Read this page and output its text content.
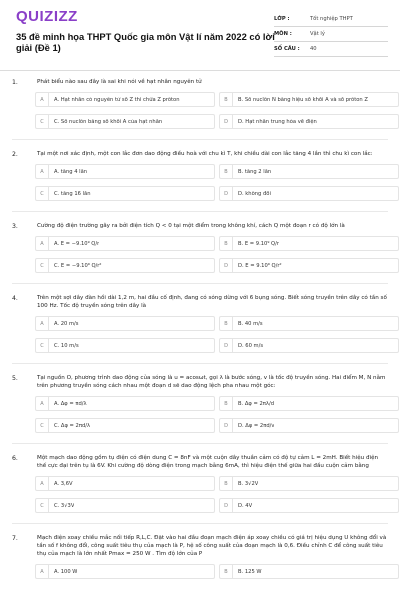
QUIZIZZ
35 đề minh họa THPT Quốc gia môn Vật lí năm 2022 có lời giải (Đề 1)
LỚP :	Tốt nghiệp THPT
MÔN :	Vật lý
SỐ CÂU :	40
1.	Phát biểu nào sau đây là sai khi nói về hạt nhân nguyên tử
A	A. Hạt nhân có nguyên tử số Z thì chứa Z prôton	B	B. Số nuclôn N bằng hiệu số khối A và số prôton Z
C	C. Số nuclôn bằng số khối A của hạt nhân	D	D. Hạt nhân trung hòa về điện
2.	Tại một nơi xác định, một con lắc đơn dao động điều hoà với chu kì T, khi chiều dài con lắc tăng 4 lần thì chu kì con lắc:
A	A. tăng 4 lần	B	B. tăng 2 lần
C	C. tăng 16 lần	D	D. không đổi
3.	Cường độ điện trường gây ra bởi điện tích Q < 0 tại một điểm trong không khí, cách Q một đoạn r có độ lớn là
A	A. E = −9.10⁹ Q/r	B	B. E = 9.10⁹ Q/r
C	C. E = −9.10⁹ Q/r²	D	D. E = 9.10⁹ Q/r²
4.	Trên một sợi dây đàn hồi dài 1,2 m, hai đầu cố định, đang có sóng dừng với 6 bụng sóng. Biết sóng truyền trên dây có tần số 100 Hz. Tốc độ truyền sóng trên dây là
A	A. 20 m/s	B	B. 40 m/s
C	C. 10 m/s	D	D. 60 m/s
5.	Tại nguồn O, phương trình dao động của sóng là u = acosωt, gọi λ là bước sóng, v là tốc độ truyền sóng. Hai điểm M, N nằm trên phương truyền sóng cách nhau một đoạn d sẽ dao động lệch pha nhau một góc:
A	A. Δφ = πd/λ	B	B. Δφ = 2πλ/d
C	C. Δφ = 2πd/λ	D	D. Δφ = 2πd/v
6.	Một mạch dao động gồm tụ điện có điện dung C = 8nF và một cuộn dây thuần cảm có độ tự cảm L = 2mH. Biết hiệu điện thế cực đại trên tụ là 6V. Khi cường độ dòng điện trong mạch bằng 6mA, thì hiệu điện thế giữa hai đầu cuộn cảm bằng
A	A. 3,6V	B	B. 3√2V
C	C. 3√3V	D	D. 4V
7.	Mạch điện xoay chiều mắc nối tiếp R,L,C. Đặt vào hai đầu đoạn mạch điện áp xoay chiều có giá trị hiệu dụng U không đổi và tần số f không đổi, công suất tiêu thụ của mạch là P, hệ số công suất của đoạn mạch là 0,6. Điều chỉnh C để công suất tiêu thụ của mạch là lớn nhất Pmax = 250 W . Tìm độ lớn của P
A	A. 100 W	B	B. 125 W
